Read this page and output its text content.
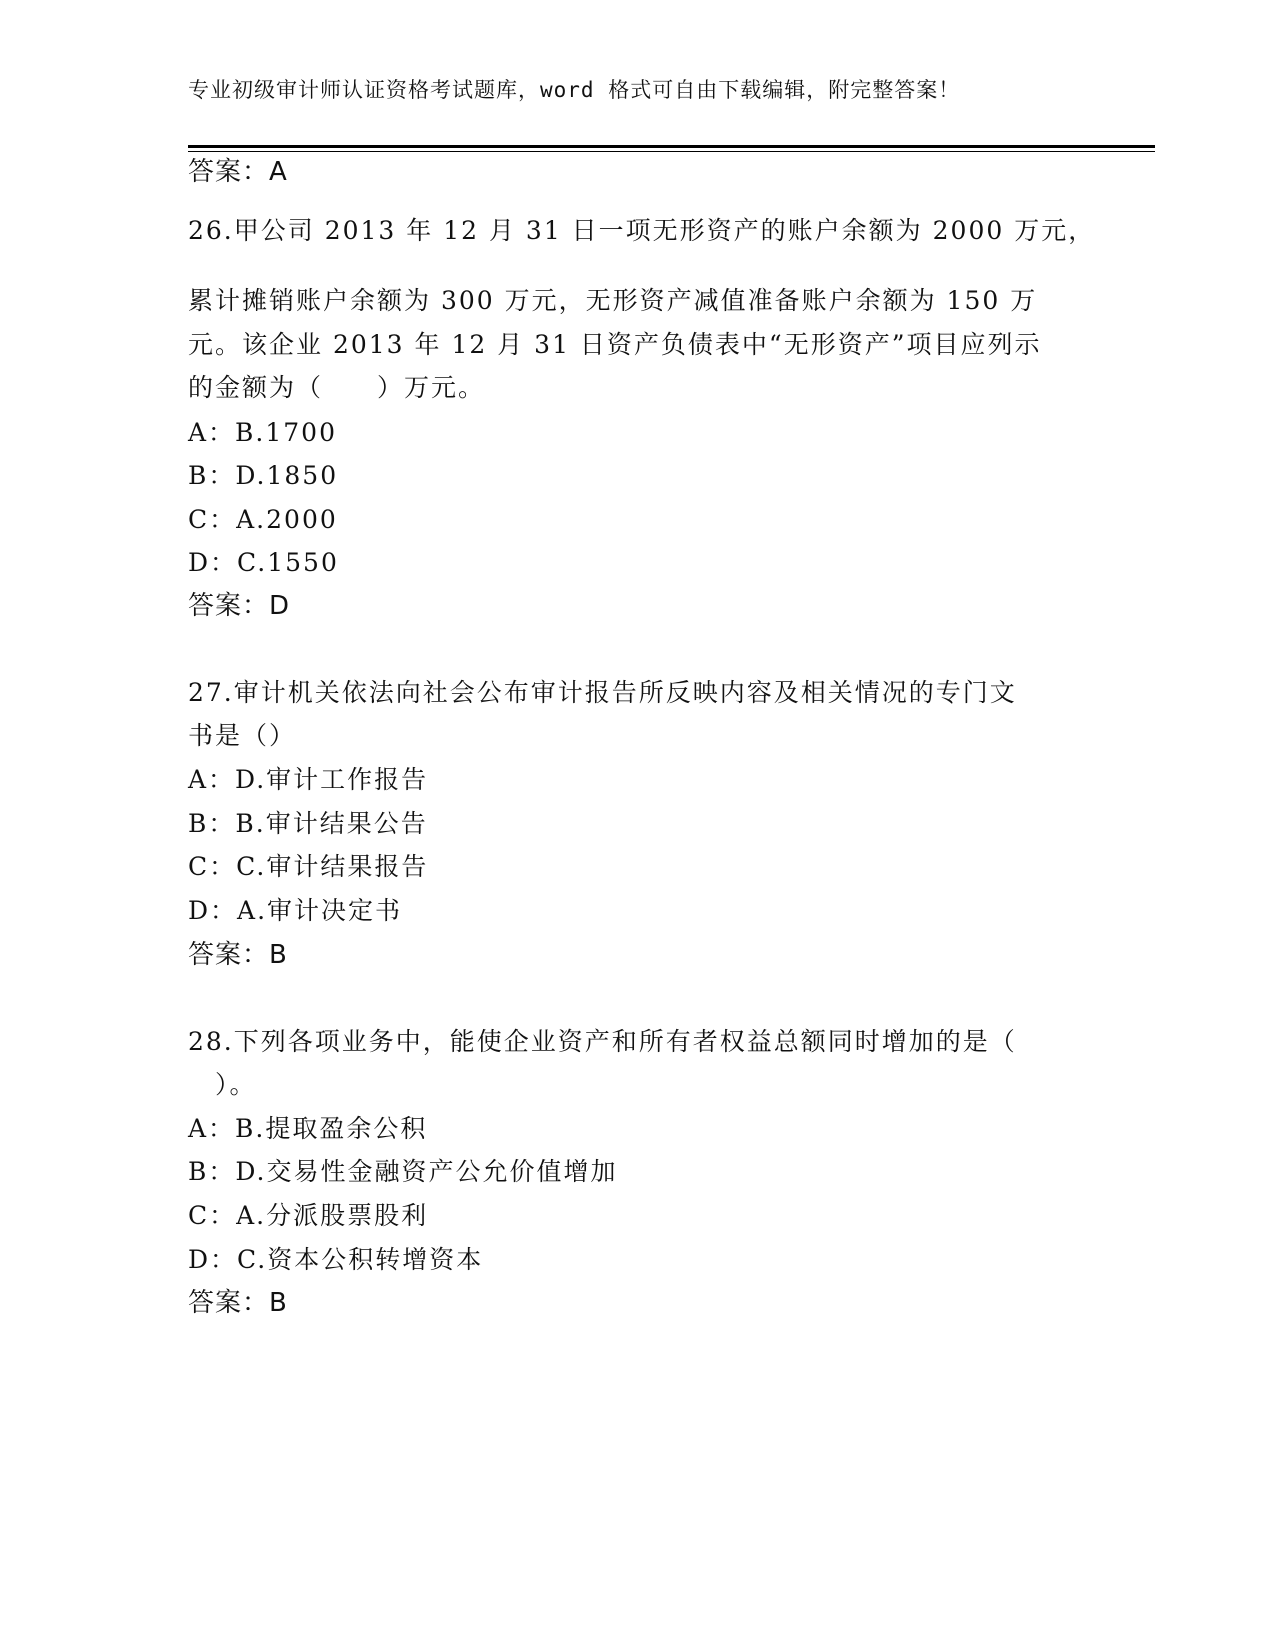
专业初级审计师认证资格考试题库，word 格式可自由下载编辑，附完整答案！
答案：A
26.甲公司 2013 年 12 月 31 日一项无形资产的账户余额为 2000 万元，
累计摊销账户余额为 300 万元，无形资产减值准备账户余额为 150 万
元。该企业 2013 年 12 月 31 日资产负债表中“无形资产”项目应列示
的金额为（　　）万元。
A：B.1700
B：D.1850
C：A.2000
D：C.1550
答案：D
27.审计机关依法向社会公布审计报告所反映内容及相关情况的专门文
书是（）
A：D.审计工作报告
B：B.审计结果公告
C：C.审计结果报告
D：A.审计决定书
答案：B
28.下列各项业务中，能使企业资产和所有者权益总额同时增加的是（
　）。
A：B.提取盈余公积
B：D.交易性金融资产公允价值增加
C：A.分派股票股利
D：C.资本公积转增资本
答案：B
